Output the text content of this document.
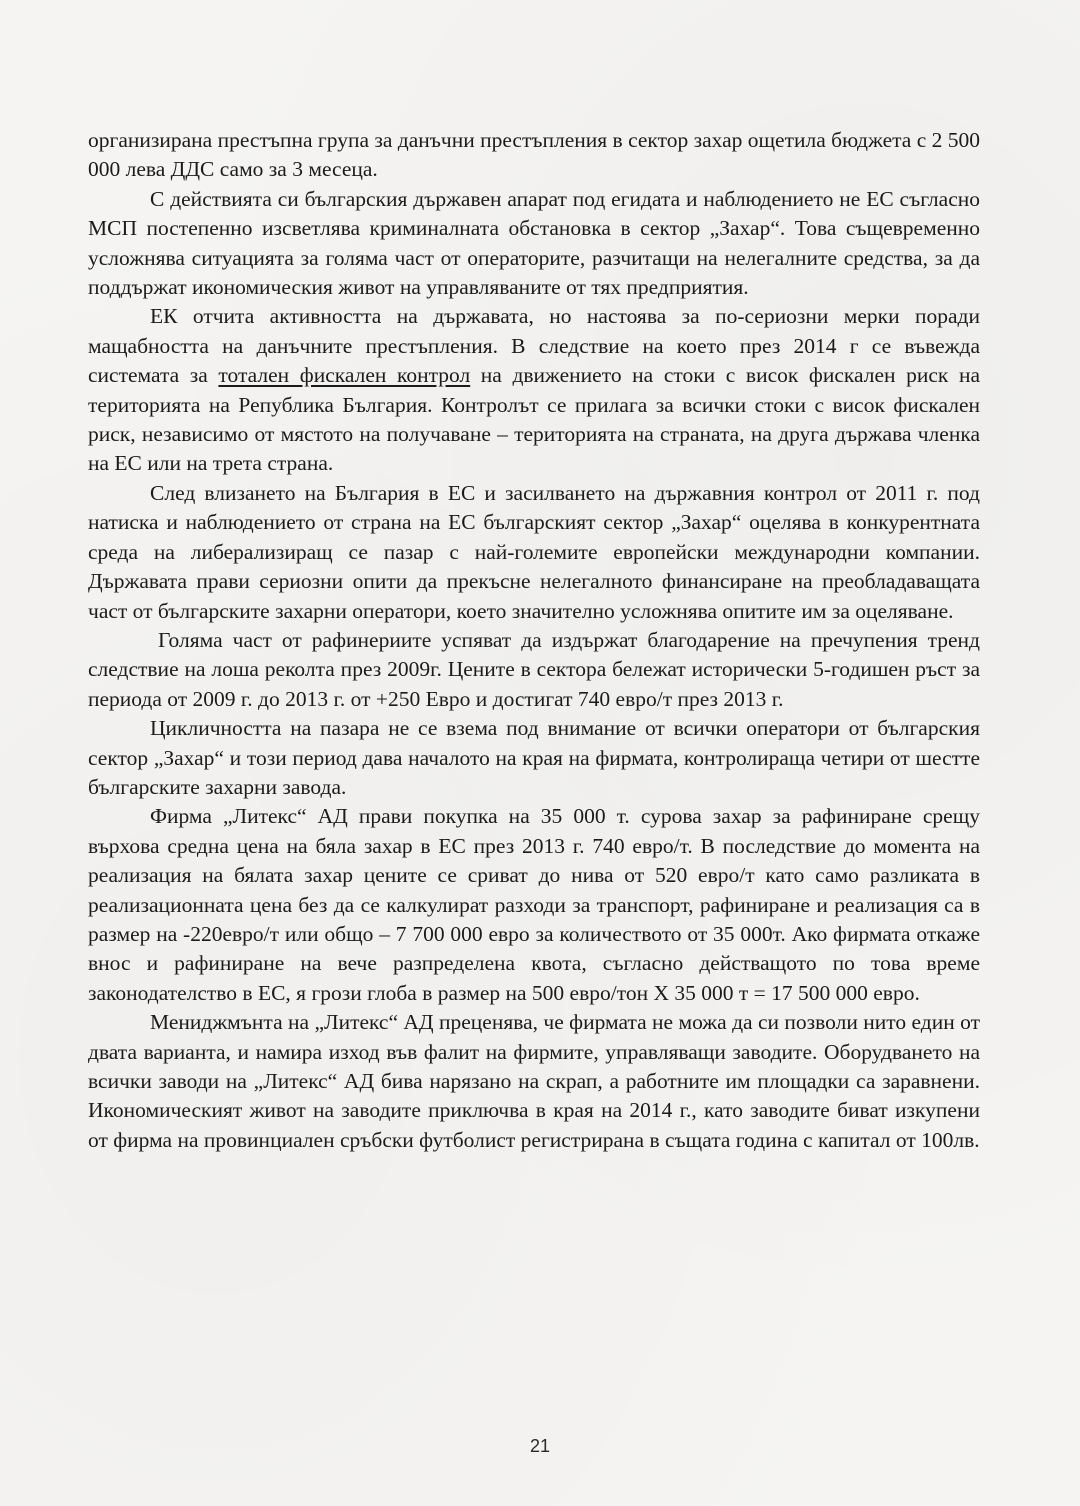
организирана престъпна група за данъчни престъпления в сектор захар ощетила бюджета с 2 500 000 лева ДДС само за 3 месеца.

С действията си българския държавен апарат под егидата и наблюдението не ЕС съгласно МСП постепенно изсветлява криминалната обстановка в сектор „Захар“. Това същевременно усложнява ситуацията за голяма част от операторите, разчитащи на нелегалните средства, за да поддържат икономическия живот на управляваните от тях предприятия.

ЕК отчита активността на държавата, но настоява за по-сериозни мерки поради мащабността на данъчните престъпления. В следствие на което през 2014 г се въвежда системата за тотален фискален контрол на движението на стоки с висок фискален риск на територията на Република България. Контролът се прилага за всички стоки с висок фискален риск, независимо от мястото на получаване – територията на страната, на друга държава членка на ЕС или на трета страна.

След влизането на България в ЕС и засилването на държавния контрол от 2011 г. под натиска и наблюдението от страна на ЕС българският сектор „Захар“ оцелява в конкурентната среда на либерализиращ се пазар с най-големите европейски международни компании. Държавата прави сериозни опити да прекъсне нелегалното финансиране на преобладаващата част от българските захарни оператори, което значително усложнява опитите им за оцеляване.

Голяма част от рафинериите успяват да издържат благодарение на пречупения тренд следствие на лоша реколта през 2009г. Цените в сектора бележат исторически 5-годишен ръст за периода от 2009 г. до 2013 г. от +250 Евро и достигат 740 евро/т през 2013 г.

Цикличността на пазара не се взема под внимание от всички оператори от българския сектор „Захар“ и този период дава началото на края на фирмата, контролираща четири от шестте българските захарни завода.

Фирма „Литекс“ АД прави покупка на 35 000 т. сурова захар за рафиниране срещу върхова средна цена на бяла захар в ЕС през 2013 г. 740 евро/т. В последствие до момента на реализация на бялата захар цените се сриват до нива от 520 евро/т като само разликата в реализационната цена без да се калкулират разходи за транспорт, рафиниране и реализация са в размер на -220евро/т или общо – 7 700 000 евро за количеството от 35 000т. Ако фирмата откаже внос и рафиниране на вече разпределена квота, съгласно действащото по това време законодателство в ЕС, я грози глоба в размер на 500 евро/тон Х 35 000 т = 17 500 000 евро.

Мениджмънта на „Литекс“ АД преценява, че фирмата не можа да си позволи нито един от двата варианта, и намира изход във фалит на фирмите, управляващи заводите. Оборудването на всички заводи на „Литекс“ АД бива нарязано на скрап, а работните им площадки са заравнени. Икономическият живот на заводите приключва в края на 2014 г., като заводите биват изкупени от фирма на провинциален сръбски футболист регистрирана в същата година с капитал от 100лв.

21
